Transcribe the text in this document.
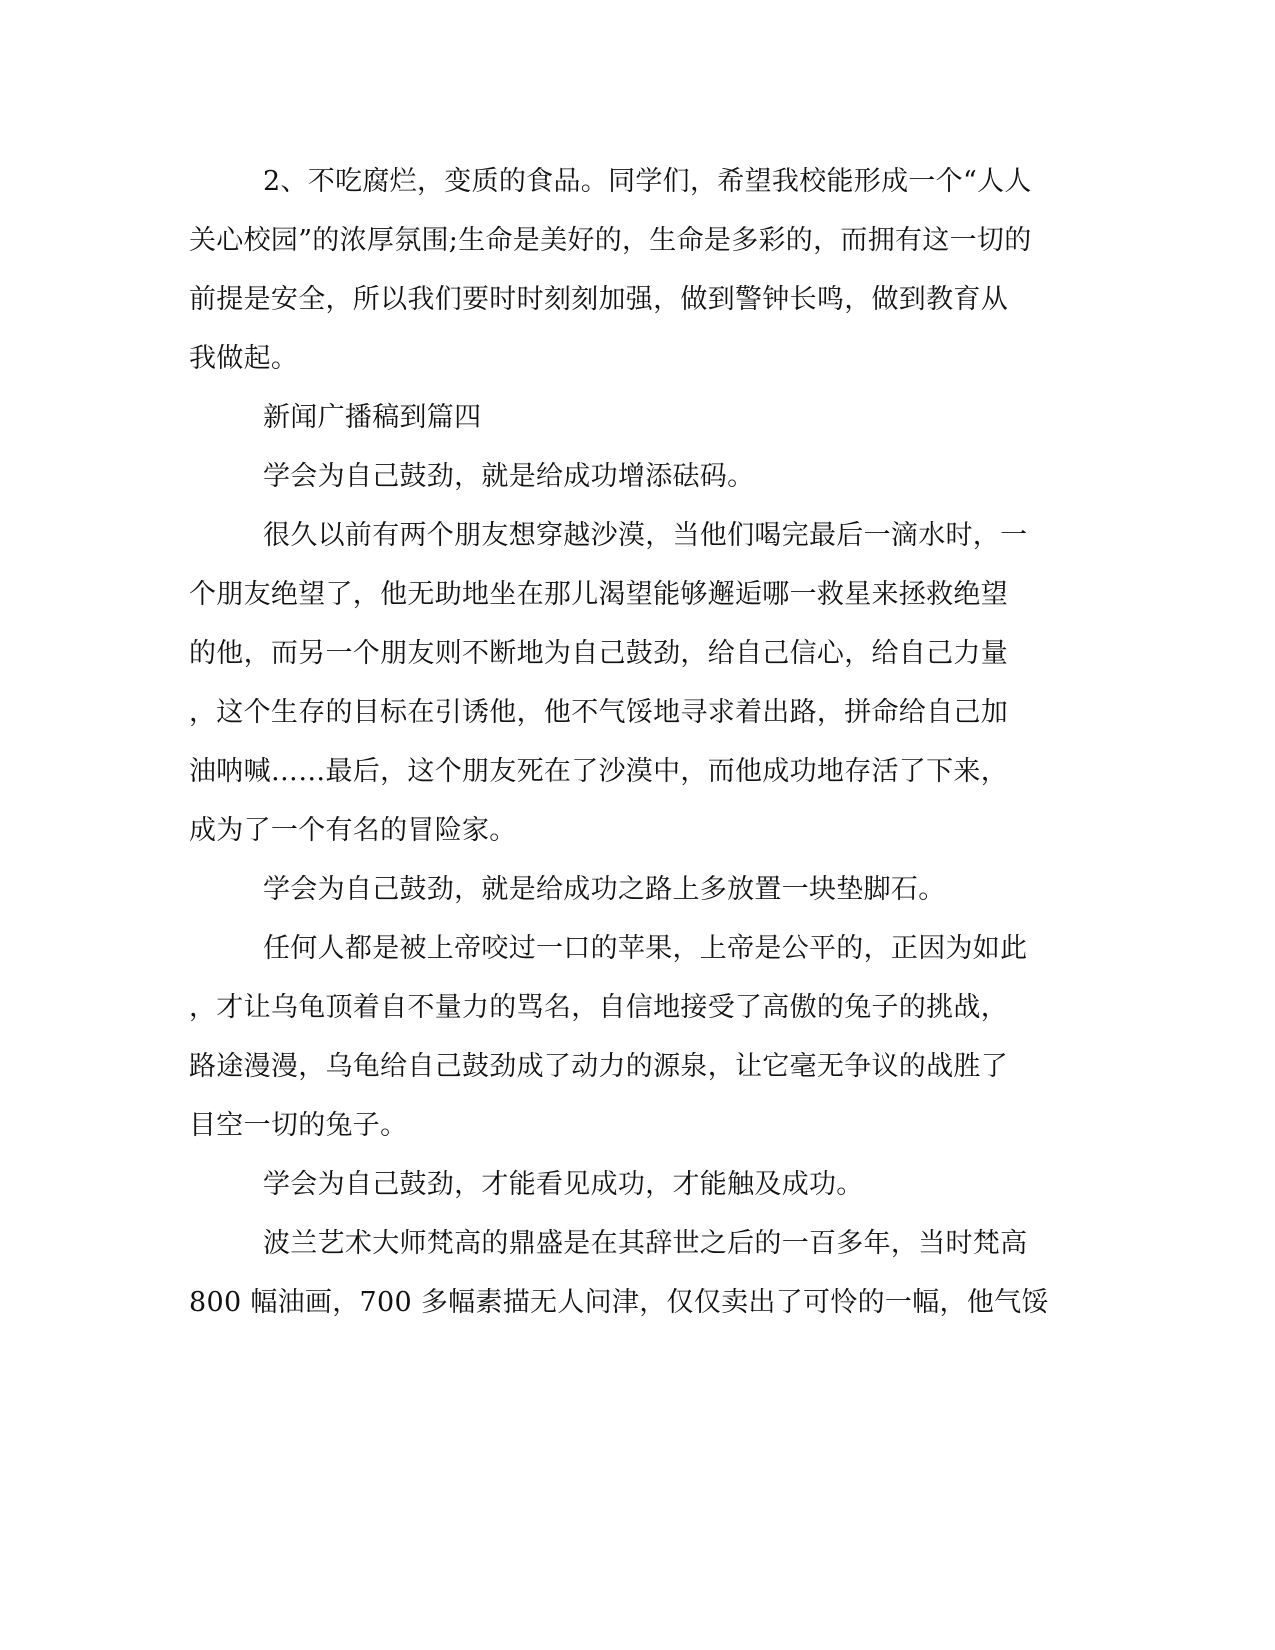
2、不吃腐烂，变质的食品。同学们，希望我校能形成一个“人人
关心校园”的浓厚氛围;生命是美好的，生命是多彩的，而拥有这一切的
前提是安全，所以我们要时时刻刻加强，做到警钟长鸣，做到教育从
我做起。
新闻广播稿到篇四
学会为自己鼓劲，就是给成功增添砝码。
很久以前有两个朋友想穿越沙漠，当他们喝完最后一滴水时，一
个朋友绝望了，他无助地坐在那儿渴望能够邂逅哪一救星来拯救绝望
的他，而另一个朋友则不断地为自己鼓劲，给自己信心，给自己力量
，这个生存的目标在引诱他，他不气馁地寻求着出路，拼命给自己加
油呐喊……最后，这个朋友死在了沙漠中，而他成功地存活了下来，
成为了一个有名的冒险家。
学会为自己鼓劲，就是给成功之路上多放置一块垫脚石。
任何人都是被上帝咬过一口的苹果，上帝是公平的，正因为如此
，才让乌龟顶着自不量力的骂名，自信地接受了高傲的兔子的挑战，
路途漫漫，乌龟给自己鼓劲成了动力的源泉，让它毫无争议的战胜了
目空一切的兔子。
学会为自己鼓劲，才能看见成功，才能触及成功。
波兰艺术大师梵高的鼎盛是在其辞世之后的一百多年，当时梵高
800 幅油画，700 多幅素描无人问津，仅仅卖出了可怜的一幅，他气馁
